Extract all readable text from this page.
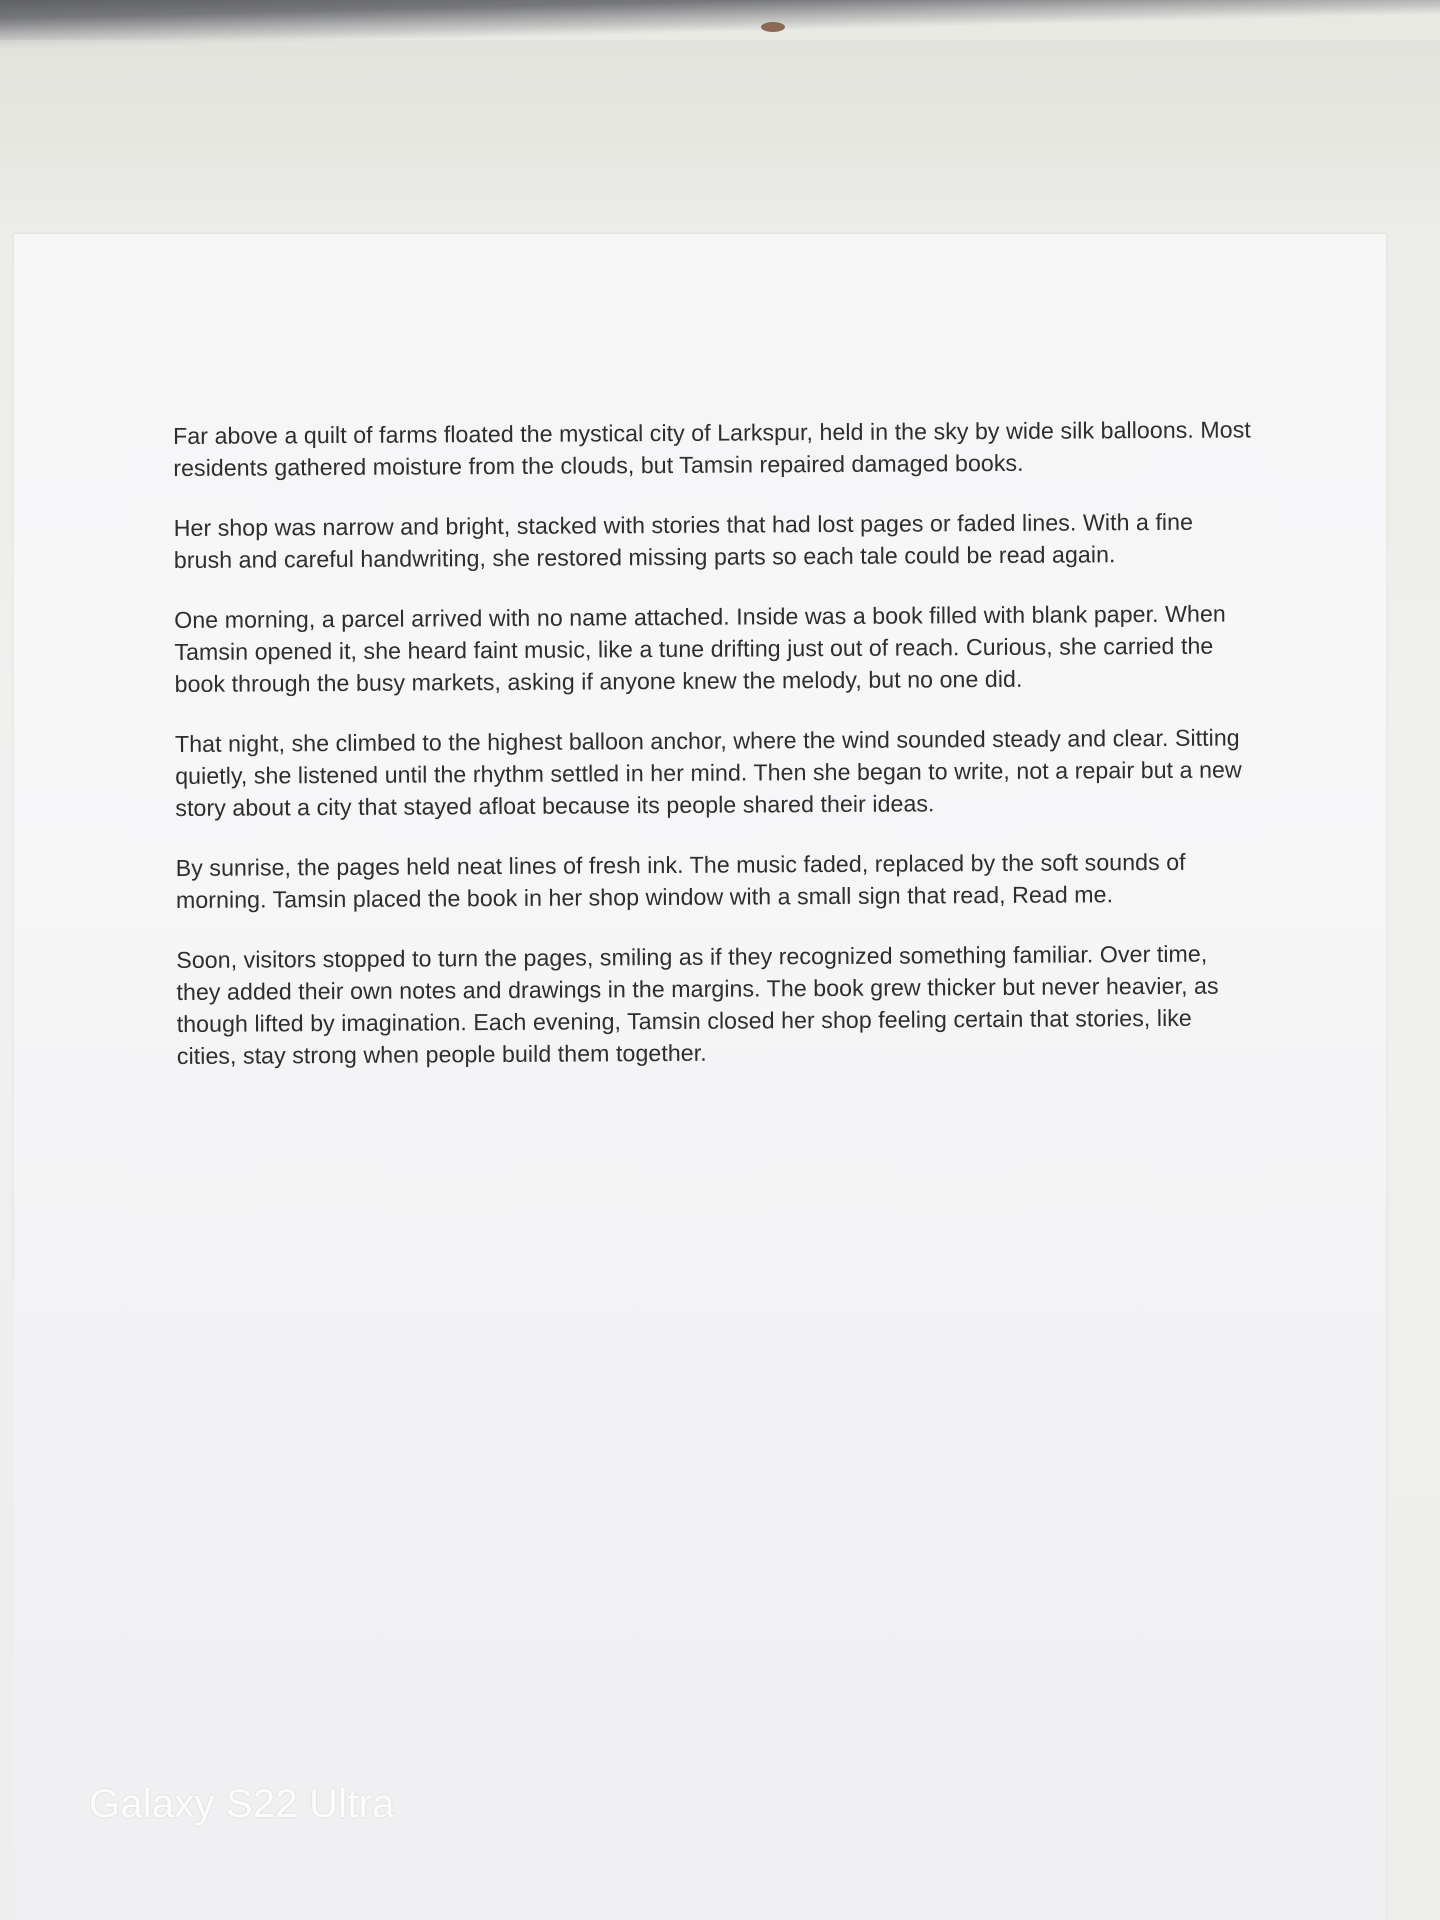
Far above a quilt of farms floated the mystical city of Larkspur, held in the sky by wide silk balloons. Most residents gathered moisture from the clouds, but Tamsin repaired damaged books.

Her shop was narrow and bright, stacked with stories that had lost pages or faded lines. With a fine brush and careful handwriting, she restored missing parts so each tale could be read again.

One morning, a parcel arrived with no name attached. Inside was a book filled with blank paper. When Tamsin opened it, she heard faint music, like a tune drifting just out of reach. Curious, she carried the book through the busy markets, asking if anyone knew the melody, but no one did.

That night, she climbed to the highest balloon anchor, where the wind sounded steady and clear. Sitting quietly, she listened until the rhythm settled in her mind. Then she began to write, not a repair but a new story about a city that stayed afloat because its people shared their ideas.

By sunrise, the pages held neat lines of fresh ink. The music faded, replaced by the soft sounds of morning. Tamsin placed the book in her shop window with a small sign that read, Read me.

Soon, visitors stopped to turn the pages, smiling as if they recognized something familiar. Over time, they added their own notes and drawings in the margins. The book grew thicker but never heavier, as though lifted by imagination. Each evening, Tamsin closed her shop feeling certain that stories, like cities, stay strong when people build them together.

Galaxy S22 Ultra
